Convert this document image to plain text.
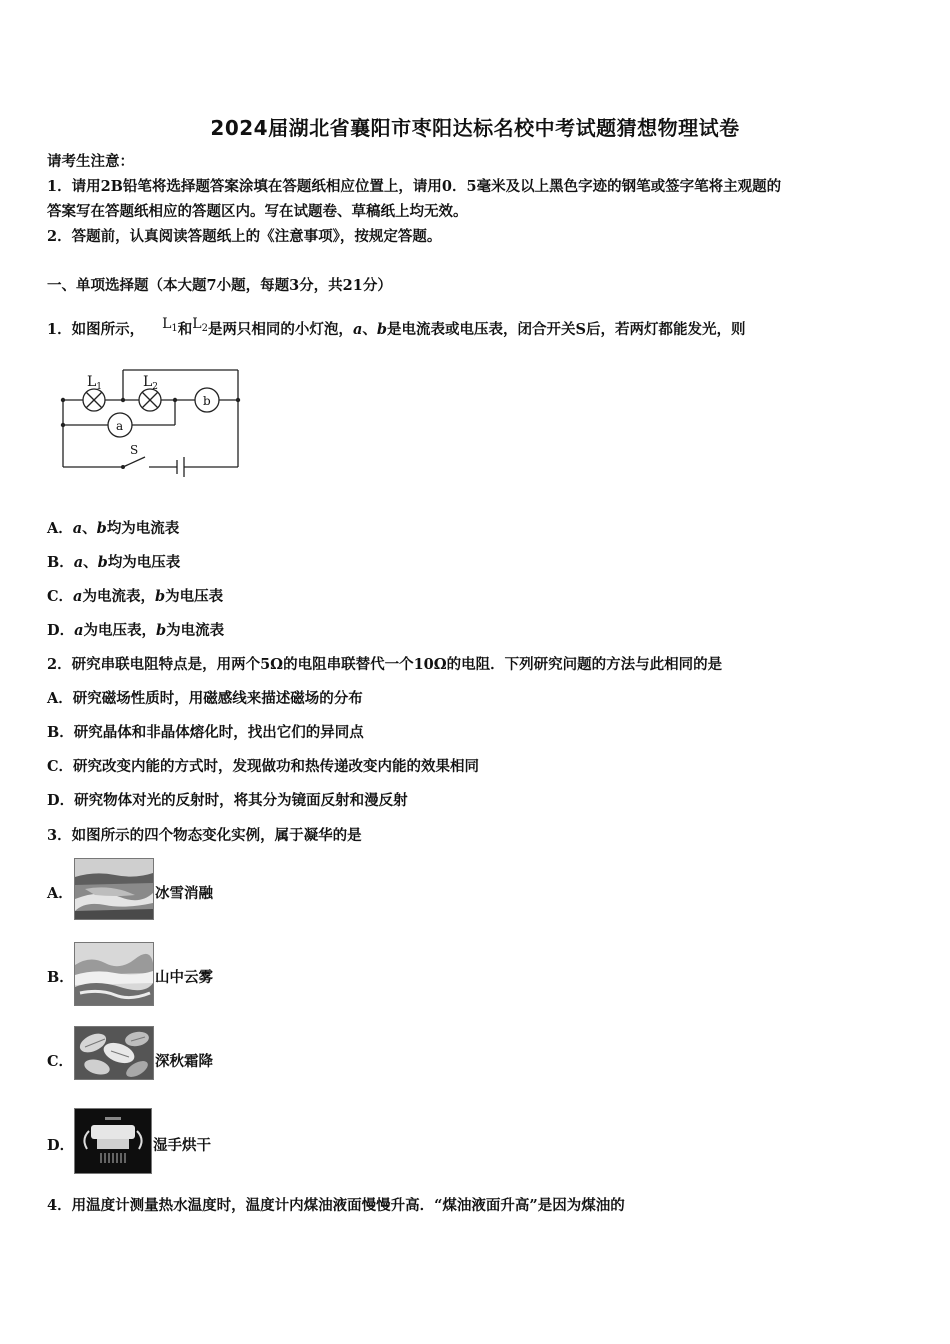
2024届湖北省襄阳市枣阳达标名校中考试题猜想物理试卷
请考生注意：
1．请用2B铅笔将选择题答案涂填在答题纸相应位置上，请用0．5毫米及以上黑色字迹的钢笔或签字笔将主观题的
答案写在答题纸相应的答题区内。写在试题卷、草稿纸上均无效。
2．答题前，认真阅读答题纸上的《注意事项》，按规定答题。
一、单项选择题（本大题7小题，每题3分，共21分）
1．如图所示， $L_1$和$L_2$是两只相同的小灯泡，a、b是电流表或电压表，闭合开关S后，若两灯都能发光，则
$L_1$	$L_2$
b
a
S
A．a、b均为电流表
B．a、b均为电压表
C．a为电流表，b为电压表
D．a为电压表，b为电流表
2．研究串联电阻特点是，用两个5Ω的电阻串联替代一个10Ω的电阻．下列研究问题的方法与此相同的是
A．研究磁场性质时，用磁感线来描述磁场的分布
B．研究晶体和非晶体熔化时，找出它们的异同点
C．研究改变内能的方式时，发现做功和热传递改变内能的效果相同
D．研究物体对光的反射时，将其分为镜面反射和漫反射
3．如图所示的四个物态变化实例，属于凝华的是
A．	冰雪消融
B．	山中云雾
C．	深秋霜降
D．	湿手烘干
4．用温度计测量热水温度时，温度计内煤油液面慢慢升高．“煤油液面升高”是因为煤油的
